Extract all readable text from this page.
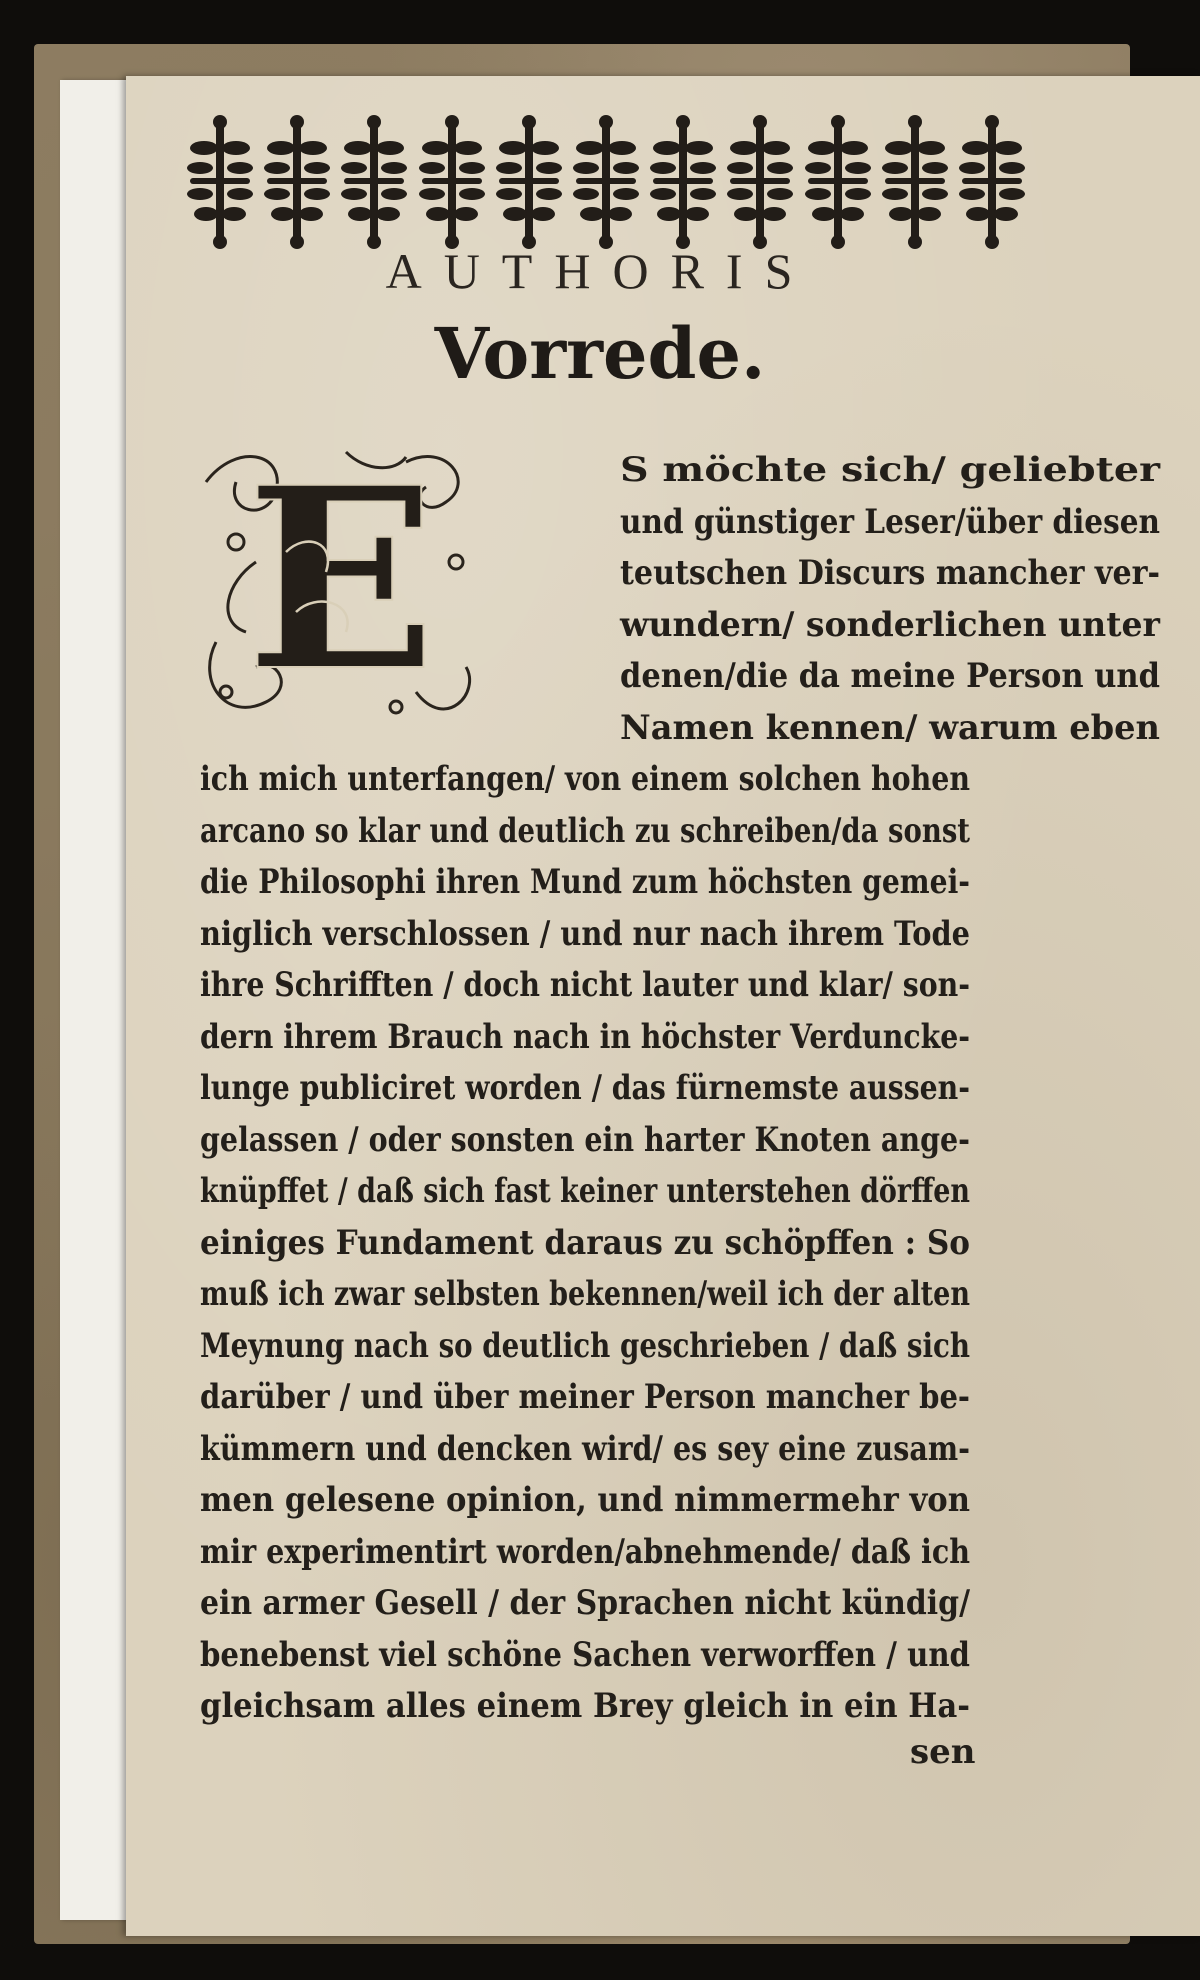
AUTHORIS
Vorrede.
E	S möchte sich/ geliebter
und günstiger Leser/über diesen
teutschen Discurs mancher ver-
wundern/ sonderlichen unter
denen/die da meine Person und
Namen kennen/ warum eben
ich mich unterfangen/ von einem solchen hohen
arcano so klar und deutlich zu schreiben/da sonst
die Philosophi ihren Mund zum höchsten gemei-
niglich verschlossen / und nur nach ihrem Tode
ihre Schrifften / doch nicht lauter und klar/ son-
dern ihrem Brauch nach in höchster Verduncke-
lunge publiciret worden / das fürnemste aussen-
gelassen / oder sonsten ein harter Knoten ange-
knüpffet / daß sich fast keiner unterstehen dörffen
einiges Fundament daraus zu schöpffen : So
muß ich zwar selbsten bekennen/weil ich der alten
Meynung nach so deutlich geschrieben / daß sich
darüber / und über meiner Person mancher be-
kümmern und dencken wird/ es sey eine zusam-
men gelesene opinion, und nimmermehr von
mir experimentirt worden/abnehmende/ daß ich
ein armer Gesell / der Sprachen nicht kündig/
benebenst viel schöne Sachen verworffen / und
gleichsam alles einem Brey gleich in ein Ha-
sen
